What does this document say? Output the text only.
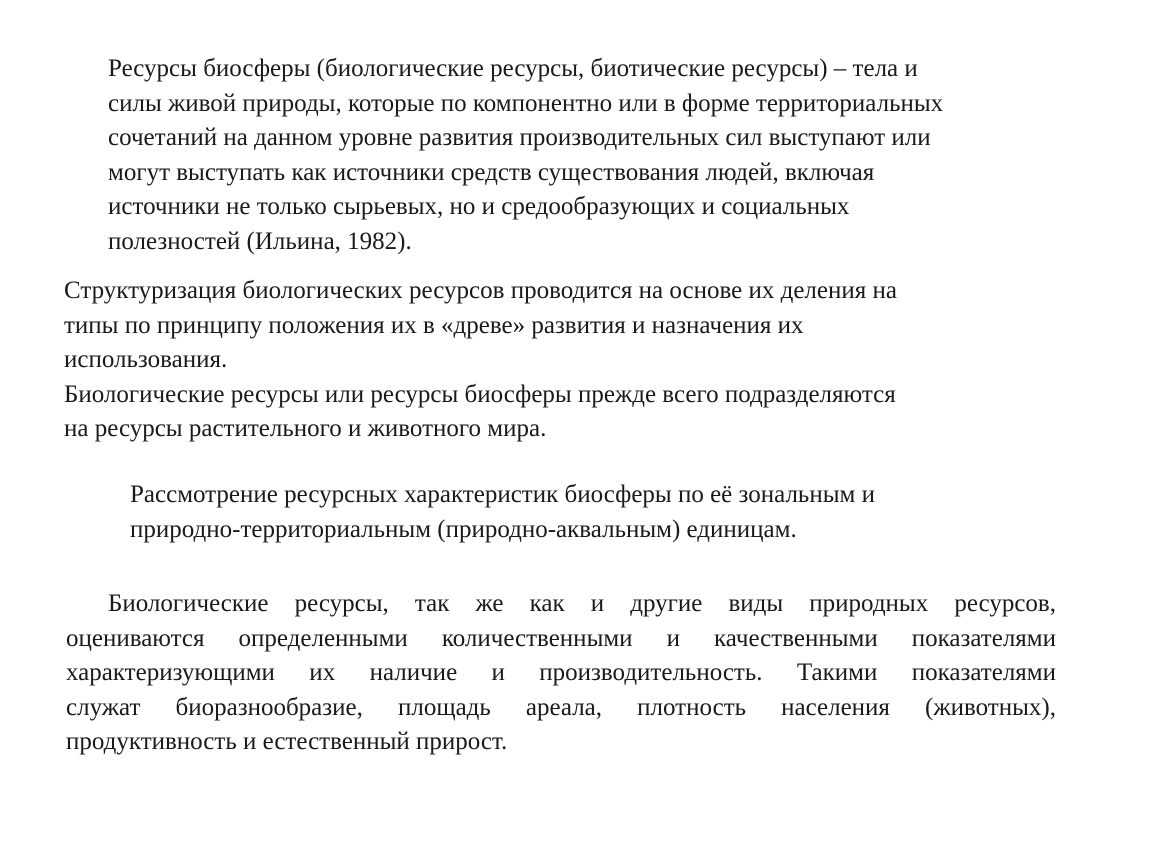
Ресурсы биосферы (биологические ресурсы, биотические ресурсы) – тела и
силы живой природы, которые по компонентно или в форме территориальных
сочетаний на данном уровне развития производительных сил выступают или
могут выступать как источники средств существования людей, включая
источники не только сырьевых, но и средообразующих и социальных
полезностей (Ильина, 1982).
Структуризация биологических ресурсов проводится на основе их деления на
типы по принципу положения их в «древе» развития и назначения их
использования.
Биологические ресурсы или ресурсы биосферы прежде всего подразделяются
на ресурсы растительного и животного мира.
Рассмотрение ресурсных характеристик биосферы по её зональным и
природно-территориальным (природно-аквальным) единицам.
Биологические ресурсы, так же как и другие виды природных ресурсов,
оцениваются определенными количественными и качественными показателями
характеризующими их наличие и производительность. Такими показателями
служат биоразнообразие, площадь ареала, плотность населения (животных),
продуктивность и естественный прирост.
